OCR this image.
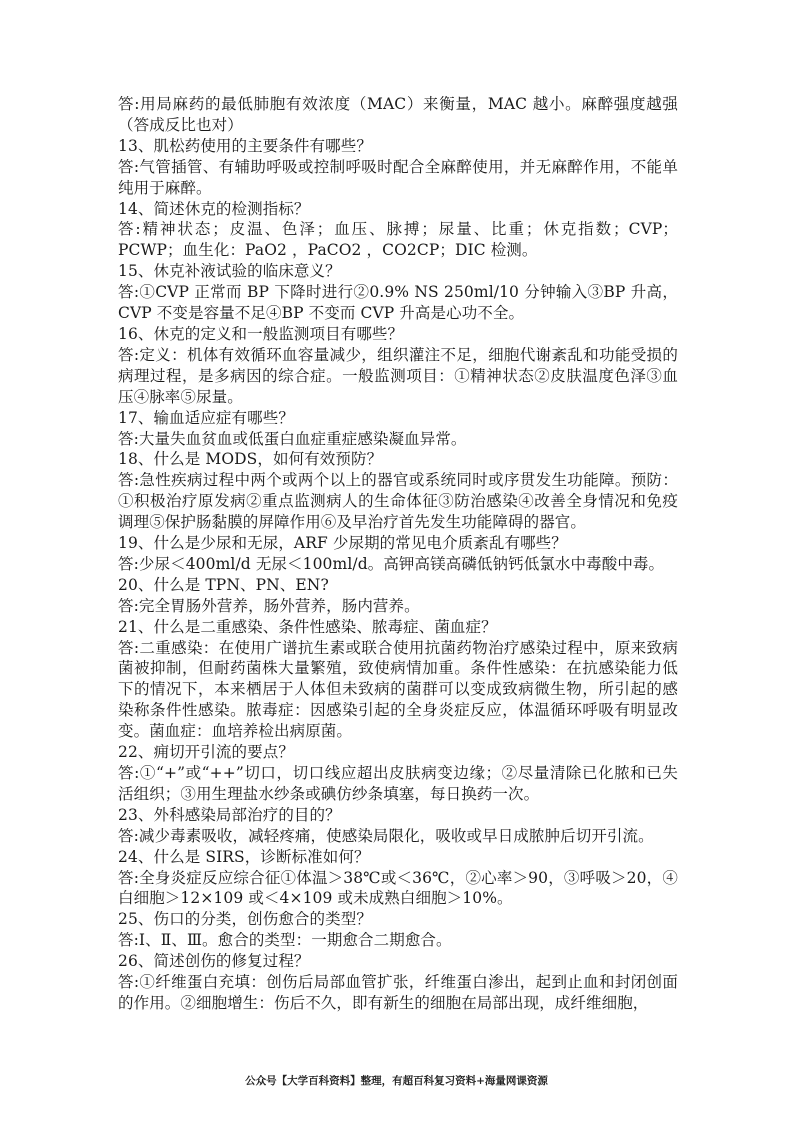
答:用局麻药的最低肺胞有效浓度（MAC）来衡量，MAC 越小。麻醉强度越强（答成反比也对）

13、肌松药使用的主要条件有哪些？

答:气管插管、有辅助呼吸或控制呼吸时配合全麻醉使用，并无麻醉作用，不能单纯用于麻醉。

14、简述休克的检测指标？

答:精神状态；皮温、色泽；血压、脉搏；尿量、比重；休克指数；CVP；PCWP；血生化：PaO2 ，PaCO2 ，CO2CP；DIC 检测。

15、休克补液试验的临床意义？

答:①CVP 正常而 BP 下降时进行②0.9% NS 250ml/10 分钟输入③BP 升高，CVP 不变是容量不足④BP 不变而 CVP 升高是心功不全。

16、休克的定义和一般监测项目有哪些？

答:定义：机体有效循环血容量减少，组织灌注不足，细胞代谢紊乱和功能受损的病理过程，是多病因的综合症。一般监测项目：①精神状态②皮肤温度色泽③血压④脉率⑤尿量。

17、输血适应症有哪些？

答:大量失血贫血或低蛋白血症重症感染凝血异常。

18、什么是 MODS，如何有效预防？

答:急性疾病过程中两个或两个以上的器官或系统同时或序贯发生功能障。预防：①积极治疗原发病②重点监测病人的生命体征③防治感染④改善全身情况和免疫调理⑤保护肠黏膜的屏障作用⑥及早治疗首先发生功能障碍的器官。

19、什么是少尿和无尿，ARF 少尿期的常见电介质紊乱有哪些？

答:少尿＜400ml/d 无尿＜100ml/d。高钾高镁高磷低钠钙低氯水中毒酸中毒。

20、什么是 TPN、PN、EN?

答:完全胃肠外营养，肠外营养，肠内营养。

21、什么是二重感染、条件性感染、脓毒症、菌血症？

答:二重感染：在使用广谱抗生素或联合使用抗菌药物治疗感染过程中，原来致病菌被抑制，但耐药菌株大量繁殖，致使病情加重。条件性感染：在抗感染能力低下的情况下，本来栖居于人体但未致病的菌群可以变成致病微生物，所引起的感染称条件性感染。脓毒症：因感染引起的全身炎症反应，体温循环呼吸有明显改变。菌血症：血培养检出病原菌。

22、痈切开引流的要点？

答:①“+”或“++”切口，切口线应超出皮肤病变边缘；②尽量清除已化脓和已失活组织；③用生理盐水纱条或碘仿纱条填塞，每日换药一次。

23、外科感染局部治疗的目的？

答:减少毒素吸收，减轻疼痛，使感染局限化，吸收或早日成脓肿后切开引流。

24、什么是 SIRS，诊断标准如何？

答:全身炎症反应综合征①体温＞38℃或＜36℃，②心率＞90，③呼吸＞20，④白细胞＞12×109 或＜4×109 或未成熟白细胞＞10%。

25、伤口的分类，创伤愈合的类型？

答:Ⅰ、Ⅱ、Ⅲ。愈合的类型：一期愈合二期愈合。

26、简述创伤的修复过程？

答:①纤维蛋白充填：创伤后局部血管扩张，纤维蛋白渗出，起到止血和封闭创面的作用。②细胞增生：伤后不久，即有新生的细胞在局部出现，成纤维细胞，

公众号【大学百科资料】整理，有超百科复习资料+海量网课资源
